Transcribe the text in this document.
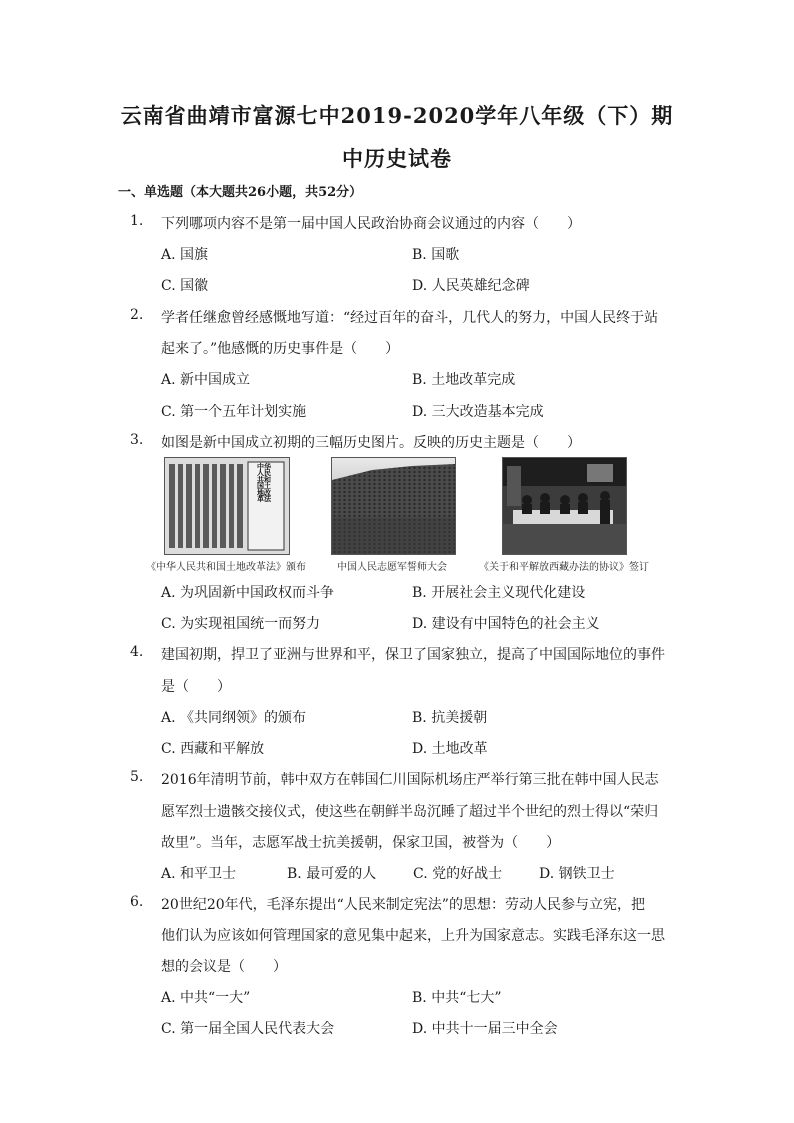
云南省曲靖市富源七中2019-2020学年八年级（下）期
中历史试卷
一、单选题（本大题共26小题，共52分）
1.	下列哪项内容不是第一届中国人民政治协商会议通过的内容（　　）
A. 国旗	B. 国歌
C. 国徽	D. 人民英雄纪念碑
2.	学者任继愈曾经感慨地写道：“经过百年的奋斗，几代人的努力，中国人民终于站
起来了。”他感慨的历史事件是（　　）
A. 新中国成立	B. 土地改革完成
C. 第一个五年计划实施	D. 三大改造基本完成
3.	如图是新中国成立初期的三幅历史图片。反映的历史主题是（　　）
中华人民共和国土地改革法
《中华人民共和国土地改革法》颁布	中国人民志愿军誓师大会	《关于和平解放西藏办法的协议》签订
A. 为巩固新中国政权而斗争	B. 开展社会主义现代化建设
C. 为实现祖国统一而努力	D. 建设有中国特色的社会主义
4.	建国初期，捍卫了亚洲与世界和平，保卫了国家独立，提高了中国国际地位的事件
是（　　）
A. 《共同纲领》的颁布	B. 抗美援朝
C. 西藏和平解放	D. 土地改革
5.	2016年清明节前，韩中双方在韩国仁川国际机场庄严举行第三批在韩中国人民志
愿军烈士遗骸交接仪式，使这些在朝鲜半岛沉睡了超过半个世纪的烈士得以“荣归
故里”。当年，志愿军战士抗美援朝，保家卫国，被誉为（　　）
A. 和平卫士	B. 最可爱的人	C. 党的好战士	D. 钢铁卫士
6.	20世纪20年代，毛泽东提出“人民来制定宪法”的思想：劳动人民参与立宪，把
他们认为应该如何管理国家的意见集中起来，上升为国家意志。实践毛泽东这一思
想的会议是（　　）
A. 中共“一大”	B. 中共“七大”
C. 第一届全国人民代表大会	D. 中共十一届三中全会
